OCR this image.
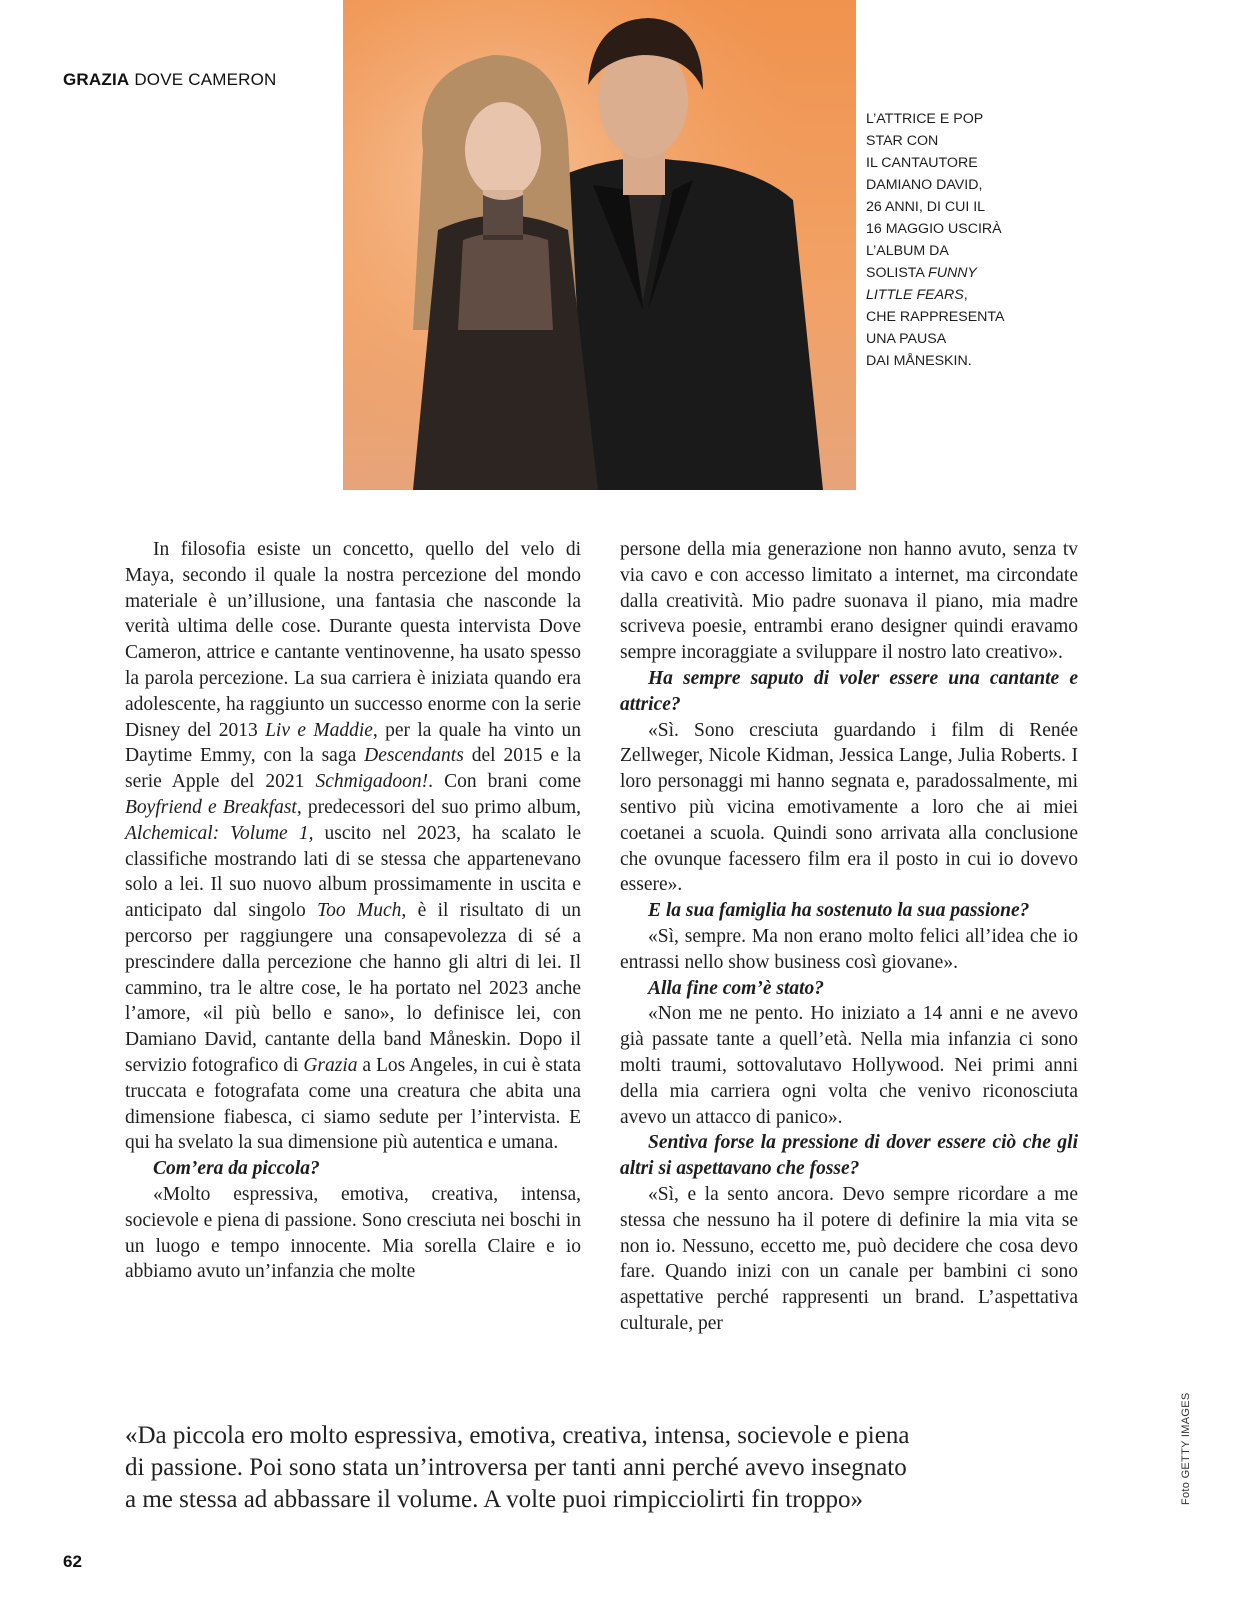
GRAZIA DOVE CAMERON
L’ATTRICE E POP
STAR CON
IL CANTAUTORE
DAMIANO DAVID,
26 ANNI, DI CUI IL
16 MAGGIO USCIRÀ
L’ALBUM DA
SOLISTA FUNNY
LITTLE FEARS,
CHE RAPPRESENTA
UNA PAUSA
DAI MÅNESKIN.

In filosofia esiste un concetto, quello del velo di Maya, secondo il quale la nostra percezione del mondo materiale è un’illusione, una fantasia che nasconde la verità ultima delle cose. Durante questa intervista Dove Cameron, attrice e cantante ventinovenne, ha usato spesso la parola percezione. La sua carriera è iniziata quando era adolescente, ha raggiunto un successo enorme con la serie Disney del 2013 Liv e Maddie, per la quale ha vinto un Daytime Emmy, con la saga Descendants del 2015 e la serie Apple del 2021 Schmigadoon!. Con brani come Boyfriend e Breakfast, predecessori del suo primo album, Alchemical: Volume 1, uscito nel 2023, ha scalato le classifiche mostrando lati di se stessa che appartenevano solo a lei. Il suo nuovo album prossimamente in uscita e anticipato dal singolo Too Much, è il risultato di un percorso per raggiungere una consapevolezza di sé a prescindere dalla percezione che hanno gli altri di lei. Il cammino, tra le altre cose, le ha portato nel 2023 anche l’amore, «il più bello e sano», lo definisce lei, con Damiano David, cantante della band Måneskin. Dopo il servizio fotografico di Grazia a Los Angeles, in cui è stata truccata e fotografata come una creatura che abita una dimensione fiabesca, ci siamo sedute per l’intervista. E qui ha svelato la sua dimensione più autentica e umana.

Com’era da piccola?

«Molto espressiva, emotiva, creativa, intensa, socievole e piena di passione. Sono cresciuta nei boschi in un luogo e tempo innocente. Mia sorella Claire e io abbiamo avuto un’infanzia che molte

persone della mia generazione non hanno avuto, senza tv via cavo e con accesso limitato a internet, ma circondate dalla creatività. Mio padre suonava il piano, mia madre scriveva poesie, entrambi erano designer quindi eravamo sempre incoraggiate a sviluppare il nostro lato creativo».

Ha sempre saputo di voler essere una cantante e attrice?

«Sì. Sono cresciuta guardando i film di Renée Zellweger, Nicole Kidman, Jessica Lange, Julia Roberts. I loro personaggi mi hanno segnata e, paradossalmente, mi sentivo più vicina emotivamente a loro che ai miei coetanei a scuola. Quindi sono arrivata alla conclusione che ovunque facessero film era il posto in cui io dovevo essere».

E la sua famiglia ha sostenuto la sua passione?

«Sì, sempre. Ma non erano molto felici all’idea che io entrassi nello show business così giovane».

Alla fine com’è stato?

«Non me ne pento. Ho iniziato a 14 anni e ne avevo già passate tante a quell’età. Nella mia infanzia ci sono molti traumi, sottovalutavo Hollywood. Nei primi anni della mia carriera ogni volta che venivo riconosciuta avevo un attacco di panico».

Sentiva forse la pressione di dover essere ciò che gli altri si aspettavano che fosse?

«Sì, e la sento ancora. Devo sempre ricordare a me stessa che nessuno ha il potere di definire la mia vita se non io. Nessuno, eccetto me, può decidere che cosa devo fare. Quando inizi con un canale per bambini ci sono aspettative perché rappresenti un brand. L’aspettativa culturale, per

«Da piccola ero molto espressiva, emotiva, creativa, intensa, socievole e piena
di passione. Poi sono stata un’introversa per tanti anni perché avevo insegnato
a me stessa ad abbassare il volume. A volte puoi rimpicciolirti fin troppo»	Foto GETTY IMAGES
62
